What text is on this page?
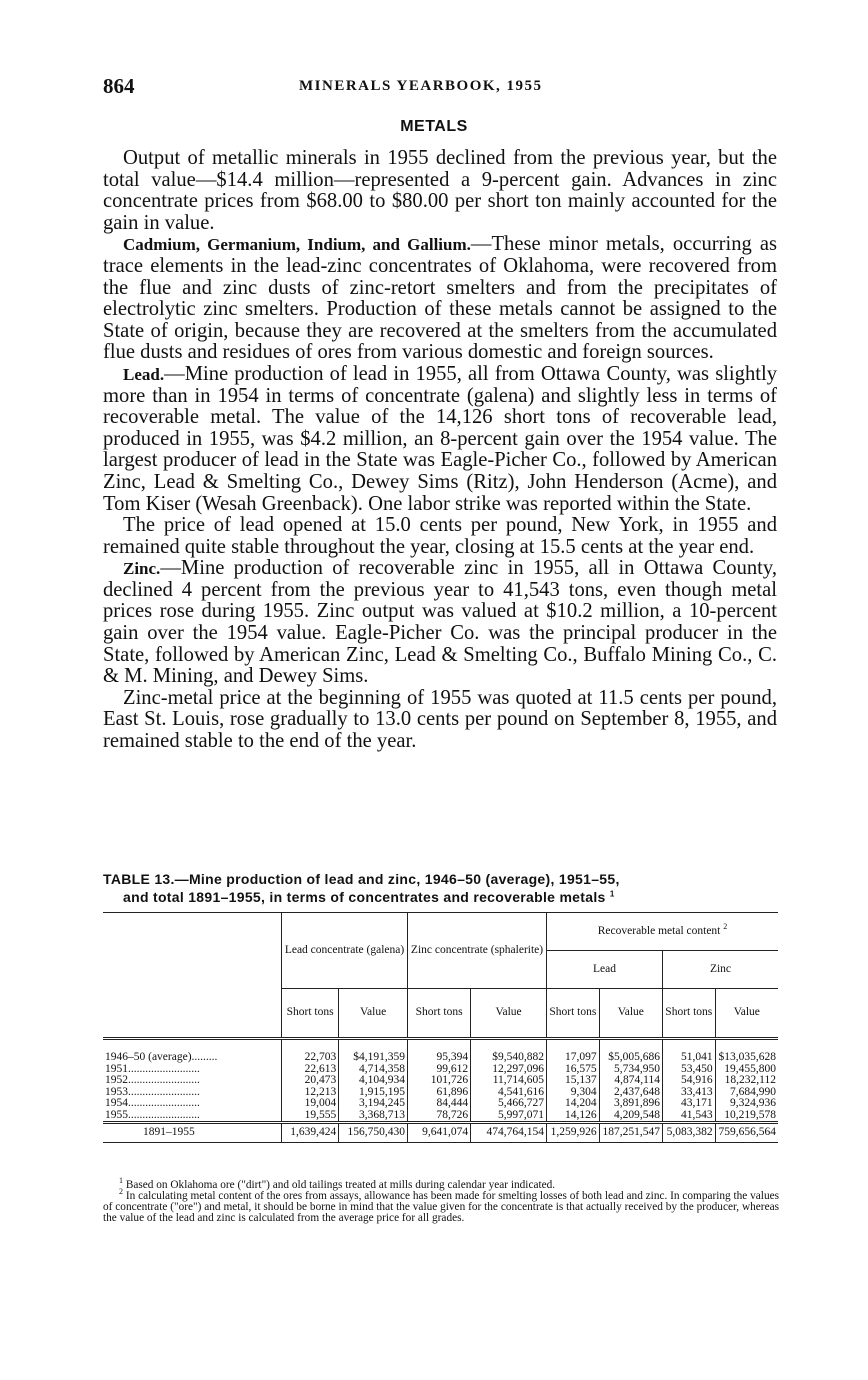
864	MINERALS YEARBOOK, 1955
METALS

Output of metallic minerals in 1955 declined from the previous year, but the total value—$14.4 million—represented a 9-percent gain. Advances in zinc concentrate prices from $68.00 to $80.00 per short ton mainly accounted for the gain in value.

Cadmium, Germanium, Indium, and Gallium.—These minor metals, occurring as trace elements in the lead-zinc concentrates of Oklahoma, were recovered from the flue and zinc dusts of zinc-retort smelters and from the precipitates of electrolytic zinc smelters. Production of these metals cannot be assigned to the State of origin, because they are recovered at the smelters from the accumulated flue dusts and residues of ores from various domestic and foreign sources.

Lead.—Mine production of lead in 1955, all from Ottawa County, was slightly more than in 1954 in terms of concentrate (galena) and slightly less in terms of recoverable metal. The value of the 14,126 short tons of recoverable lead, produced in 1955, was $4.2 million, an 8-percent gain over the 1954 value. The largest producer of lead in the State was Eagle-Picher Co., followed by American Zinc, Lead & Smelting Co., Dewey Sims (Ritz), John Henderson (Acme), and Tom Kiser (Wesah Greenback). One labor strike was reported within the State.

The price of lead opened at 15.0 cents per pound, New York, in 1955 and remained quite stable throughout the year, closing at 15.5 cents at the year end.

Zinc.—Mine production of recoverable zinc in 1955, all in Ottawa County, declined 4 percent from the previous year to 41,543 tons, even though metal prices rose during 1955. Zinc output was valued at $10.2 million, a 10-percent gain over the 1954 value. Eagle-Picher Co. was the principal producer in the State, followed by American Zinc, Lead & Smelting Co., Buffalo Mining Co., C. & M. Mining, and Dewey Sims.

Zinc-metal price at the beginning of 1955 was quoted at 11.5 cents per pound, East St. Louis, rose gradually to 13.0 cents per pound on September 8, 1955, and remained stable to the end of the year.

TABLE 13.—Mine production of lead and zinc, 1946–50 (average), 1951–55,
and total 1891–1955, in terms of concentrates and recoverable metals $^1$
	Lead concentrate (galena)		Zinc concentrate (sphalerite)		Recoverable metal content $^2$
					Lead		Zinc	
	Short tons	Value	Short tons	Value	Short tons	Value	Short tons	Value

1946–50 (average).........	22,703	$4,191,359	95,394	$9,540,882	17,097	$5,005,686	51,041	$13,035,628
1951.........................	22,613	4,714,358	99,612	12,297,096	16,575	5,734,950	53,450	19,455,800
1952.........................	20,473	4,104,934	101,726	11,714,605	15,137	4,874,114	54,916	18,232,112
1953.........................	12,213	1,915,195	61,896	4,541,616	9,304	2,437,648	33,413	7,684,990
1954.........................	19,004	3,194,245	84,444	5,466,727	14,204	3,891,896	43,171	9,324,936
1955.........................	19,555	3,368,713	78,726	5,997,071	14,126	4,209,548	41,543	10,219,578
1891–1955	1,639,424	156,750,430	9,641,074	474,764,154	1,259,926	187,251,547	5,083,382	759,656,564

$^1$ Based on Oklahoma ore ("dirt") and old tailings treated at mills during calendar year indicated.

$^2$ In calculating metal content of the ores from assays, allowance has been made for smelting losses of both lead and zinc. In comparing the values of concentrate ("ore") and metal, it should be borne in mind that the value given for the concentrate is that actually received by the producer, whereas the value of the lead and zinc is calculated from the average price for all grades.
